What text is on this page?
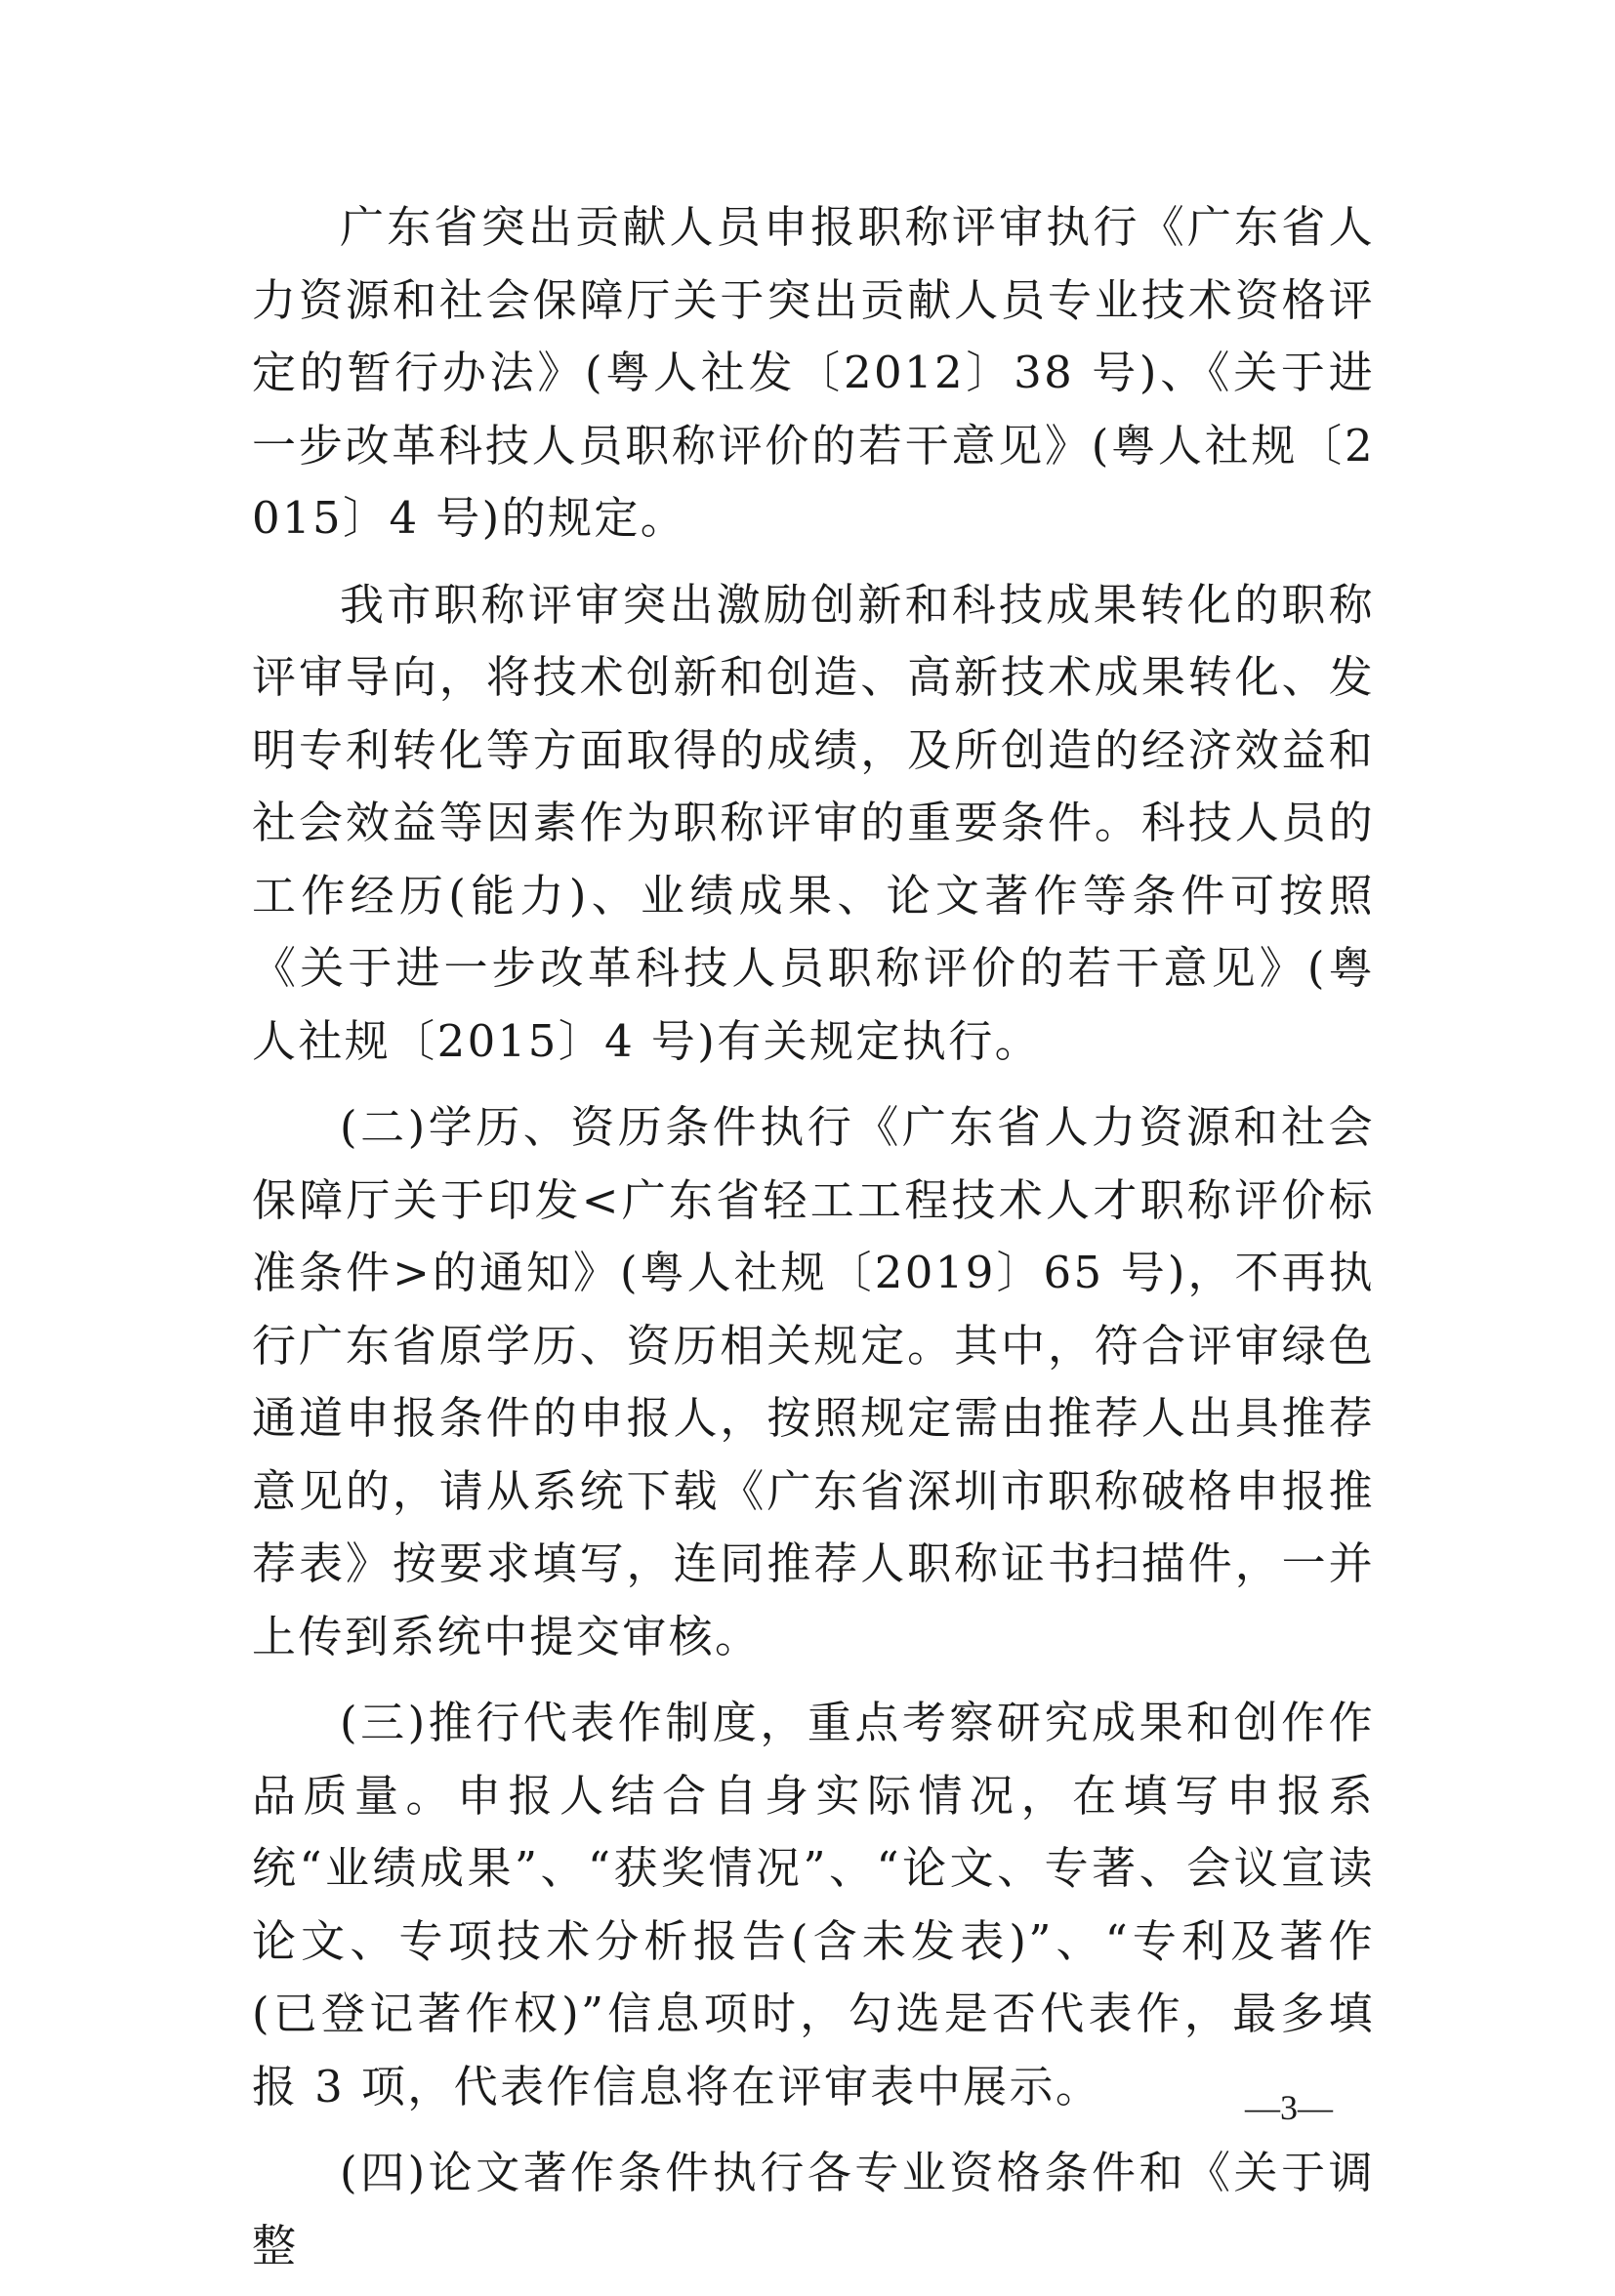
广东省突出贡献人员申报职称评审执行《广东省人力资源和社会保障厅关于突出贡献人员专业技术资格评定的暂行办法》(粤人社发〔2012〕38 号)、《关于进一步改革科技人员职称评价的若干意见》(粤人社规〔2015〕4 号)的规定。

我市职称评审突出激励创新和科技成果转化的职称评审导向，将技术创新和创造、高新技术成果转化、发明专利转化等方面取得的成绩，及所创造的经济效益和社会效益等因素作为职称评审的重要条件。科技人员的工作经历(能力)、业绩成果、论文著作等条件可按照《关于进一步改革科技人员职称评价的若干意见》(粤人社规〔2015〕4 号)有关规定执行。

(二)学历、资历条件执行《广东省人力资源和社会保障厅关于印发<广东省轻工工程技术人才职称评价标准条件>的通知》(粤人社规〔2019〕65 号)，不再执行广东省原学历、资历相关规定。其中，符合评审绿色通道申报条件的申报人，按照规定需由推荐人出具推荐意见的，请从系统下载《广东省深圳市职称破格申报推荐表》按要求填写，连同推荐人职称证书扫描件，一并上传到系统中提交审核。

(三)推行代表作制度，重点考察研究成果和创作作品质量。申报人结合自身实际情况，在填写申报系统“业绩成果”、“获奖情况”、“论文、专著、会议宣读论文、专项技术分析报告(含未发表)”、“专利及著作(已登记著作权)”信息项时，勾选是否代表作，最多填报 3 项，代表作信息将在评审表中展示。

(四)论文著作条件执行各专业资格条件和《关于调整

—3—
